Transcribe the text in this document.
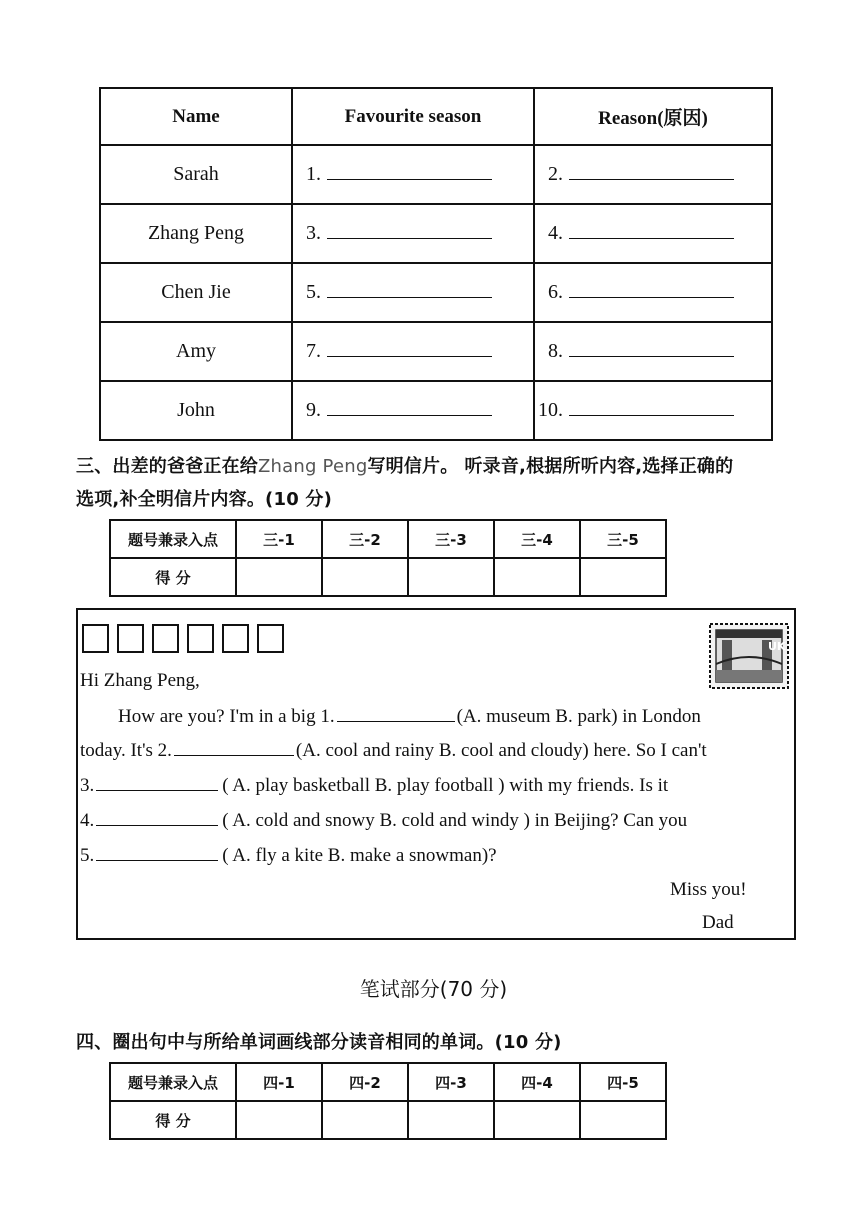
Name	Favourite season	Reason(原因)
Sarah	1.	2.
Zhang Peng	3.	4.
Chen Jie	5.	6.
Amy	7.	8.
John	9.	10.
三、出差的爸爸正在给Zhang Peng写明信片。 听录音,根据所听内容,选择正确的
选项,补全明信片内容。(10 分)
题号兼录入点	三-1	三-2	三-3	三-4	三-5
得 分					
UK
Hi Zhang Peng,
How are you? I'm in a big 1.	(A. museum B. park) in London
today. It's 2.	(A. cool and rainy B. cool and cloudy) here. So I can't
3.	( A. play basketball B. play football ) with my friends. Is it
4.	( A. cold and snowy B. cold and windy ) in Beijing? Can you
5.	( A. fly a kite B. make a snowman)?
Miss you!
Dad
笔试部分(70 分)
四、圈出句中与所给单词画线部分读音相同的单词。(10 分)
题号兼录入点	四-1	四-2	四-3	四-4	四-5
得 分					
